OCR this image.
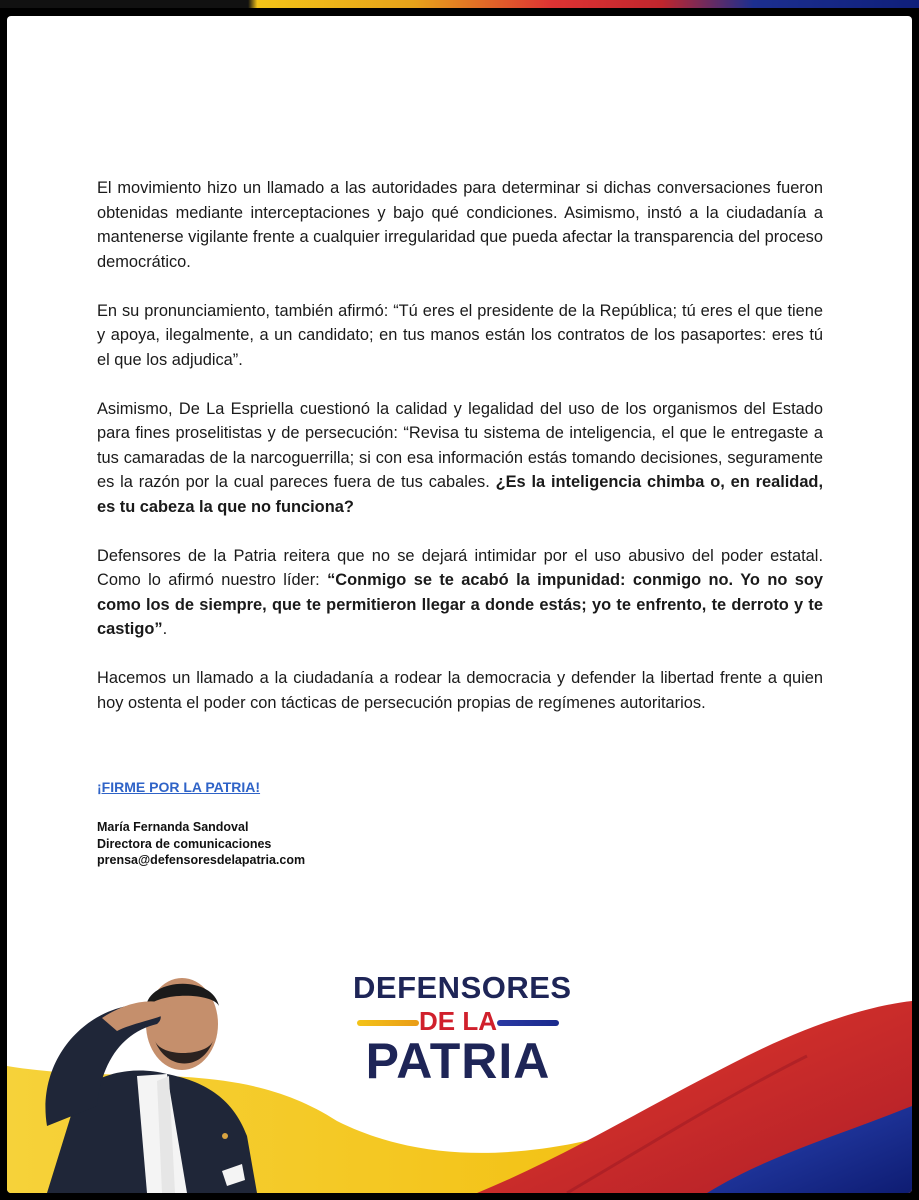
El movimiento hizo un llamado a las autoridades para determinar si dichas conversaciones fueron obtenidas mediante interceptaciones y bajo qué condiciones. Asimismo, instó a la ciudadanía a mantenerse vigilante frente a cualquier irregularidad que pueda afectar la transparencia del proceso democrático.

En su pronunciamiento, también afirmó: “Tú eres el presidente de la República; tú eres el que tiene y apoya, ilegalmente, a un candidato; en tus manos están los contratos de los pasaportes: eres tú el que los adjudica”.

Asimismo, De La Espriella cuestionó la calidad y legalidad del uso de los organismos del Estado para fines proselitistas y de persecución: “Revisa tu sistema de inteligencia, el que le entregaste a tus camaradas de la narcoguerrilla; si con esa información estás tomando decisiones, seguramente es la razón por la cual pareces fuera de tus cabales. ¿Es la inteligencia chimba o, en realidad, es tu cabeza la que no funciona?

Defensores de la Patria reitera que no se dejará intimidar por el uso abusivo del poder estatal. Como lo afirmó nuestro líder: “Conmigo se te acabó la impunidad: conmigo no. Yo no soy como los de siempre, que te permitieron llegar a donde estás; yo te enfrento, te derroto y te castigo”.

Hacemos un llamado a la ciudadanía a rodear la democracia y defender la libertad frente a quien hoy ostenta el poder con tácticas de persecución propias de regímenes autoritarios.

¡FIRME POR LA PATRIA!
María Fernanda Sandoval
Directora de comunicaciones
prensa@defensoresdelapatria.com
DEFENSORES
DE LA
PATRIA
